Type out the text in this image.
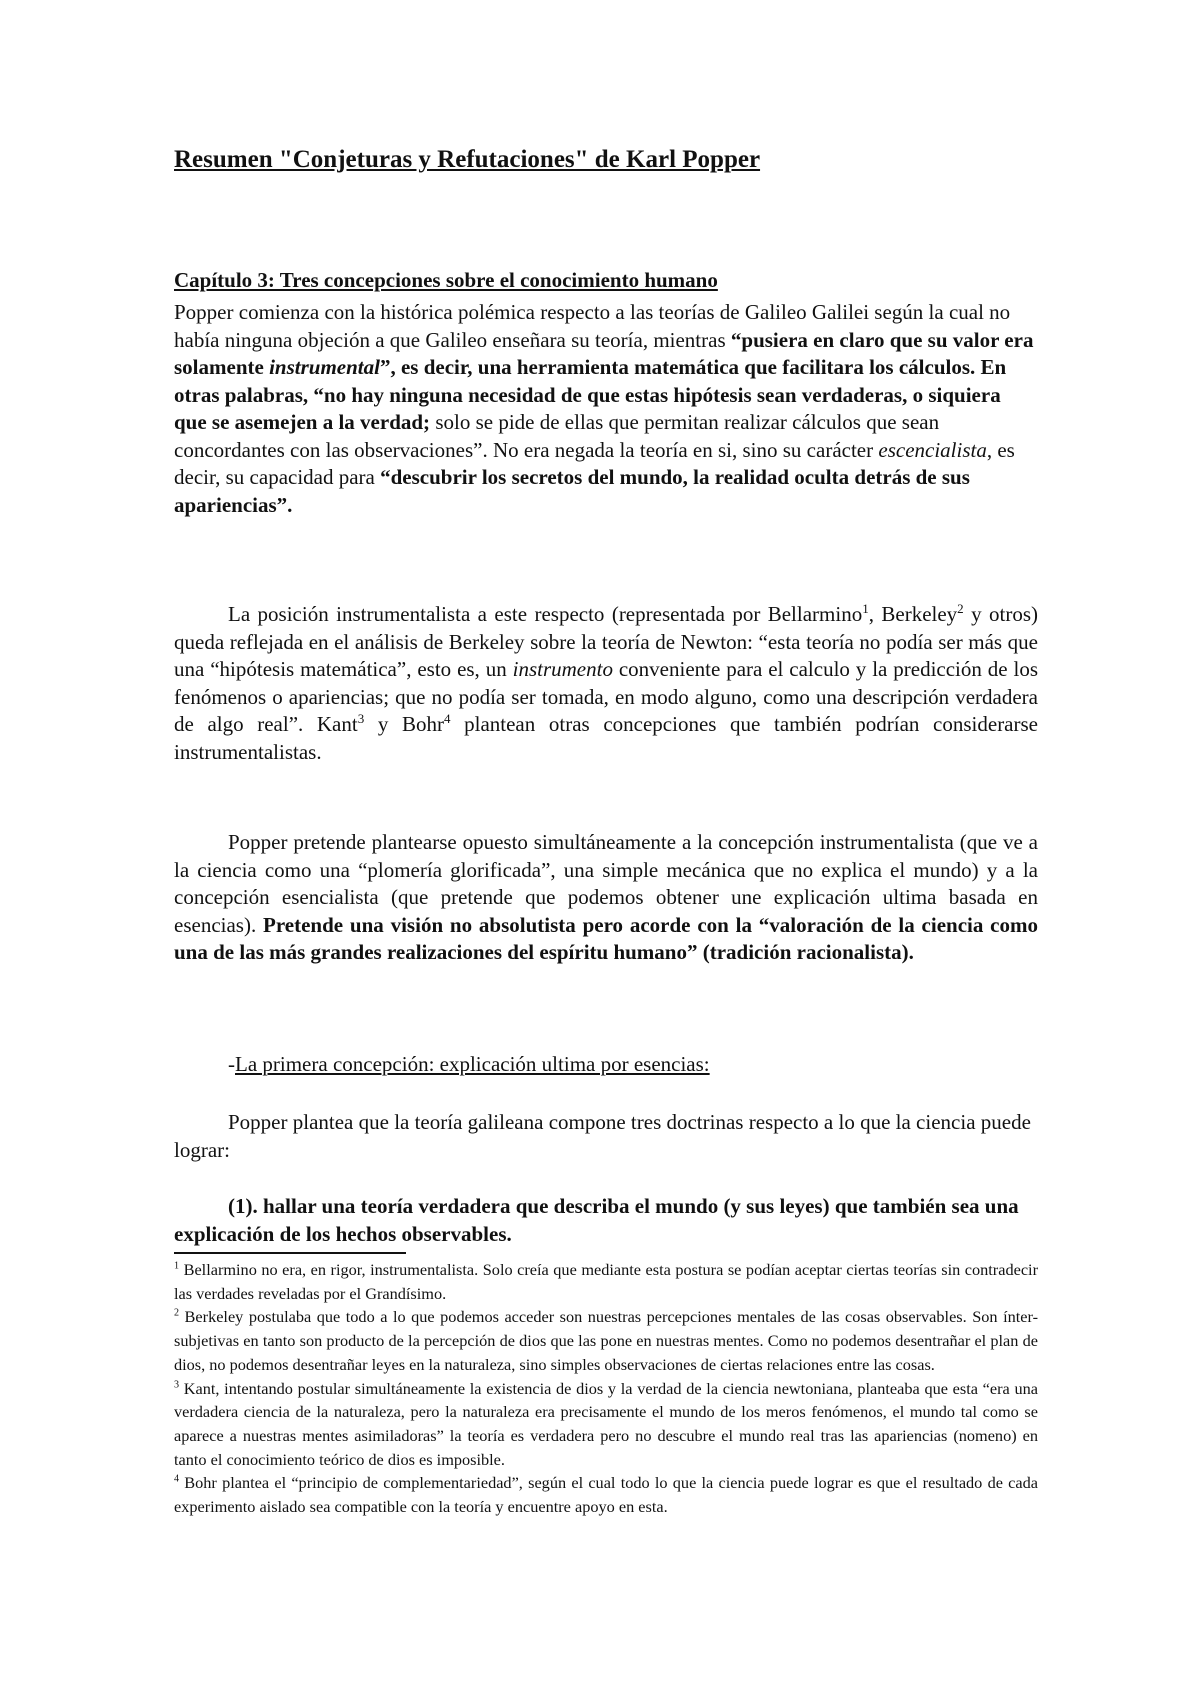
Resumen "Conjeturas y Refutaciones" de Karl Popper
Capítulo 3: Tres concepciones sobre el conocimiento humano

Popper comienza con la histórica polémica respecto a las teorías de Galileo Galilei según la cual no había ninguna objeción a que Galileo enseñara su teoría, mientras “pusiera en claro que su valor era solamente instrumental”, es decir, una herramienta matemática que facilitara los cálculos. En otras palabras, “no hay ninguna necesidad de que estas hipótesis sean verdaderas, o siquiera que se asemejen a la verdad; solo se pide de ellas que permitan realizar cálculos que sean concordantes con las observaciones”. No era negada la teoría en si, sino su carácter escencialista, es decir, su capacidad para “descubrir los secretos del mundo, la realidad oculta detrás de sus apariencias”.

La posición instrumentalista a este respecto (representada por Bellarmino$^1$, Berkeley$^2$ y otros) queda reflejada en el análisis de Berkeley sobre la teoría de Newton: “esta teoría no podía ser más que una “hipótesis matemática”, esto es, un instrumento conveniente para el calculo y la predicción de los fenómenos o apariencias; que no podía ser tomada, en modo alguno, como una descripción verdadera de algo real”. Kant$^3$ y Bohr$^4$ plantean otras concepciones que también podrían considerarse instrumentalistas.

Popper pretende plantearse opuesto simultáneamente a la concepción instrumentalista (que ve a la ciencia como una “plomería glorificada”, una simple mecánica que no explica el mundo) y a la concepción esencialista (que pretende que podemos obtener une explicación ultima basada en esencias). Pretende una visión no absolutista pero acorde con la “valoración de la ciencia como una de las más grandes realizaciones del espíritu humano” (tradición racionalista).

-La primera concepción: explicación ultima por esencias:

Popper plantea que la teoría galileana compone tres doctrinas respecto a lo que la ciencia puede lograr:

(1). hallar una teoría verdadera que describa el mundo (y sus leyes) que también sea una explicación de los hechos observables.

$^1$ Bellarmino no era, en rigor, instrumentalista. Solo creía que mediante esta postura se podían aceptar ciertas teorías sin contradecir las verdades reveladas por el Grandísimo.

$^2$ Berkeley postulaba que todo a lo que podemos acceder son nuestras percepciones mentales de las cosas observables. Son ínter-subjetivas en tanto son producto de la percepción de dios que las pone en nuestras mentes. Como no podemos desentrañar el plan de dios, no podemos desentrañar leyes en la naturaleza, sino simples observaciones de ciertas relaciones entre las cosas.

$^3$ Kant, intentando postular simultáneamente la existencia de dios y la verdad de la ciencia newtoniana, planteaba que esta “era una verdadera ciencia de la naturaleza, pero la naturaleza era precisamente el mundo de los meros fenómenos, el mundo tal como se aparece a nuestras mentes asimiladoras” la teoría es verdadera pero no descubre el mundo real tras las apariencias (nomeno) en tanto el conocimiento teórico de dios es imposible.

$^4$ Bohr plantea el “principio de complementariedad”, según el cual todo lo que la ciencia puede lograr es que el resultado de cada experimento aislado sea compatible con la teoría y encuentre apoyo en esta.
